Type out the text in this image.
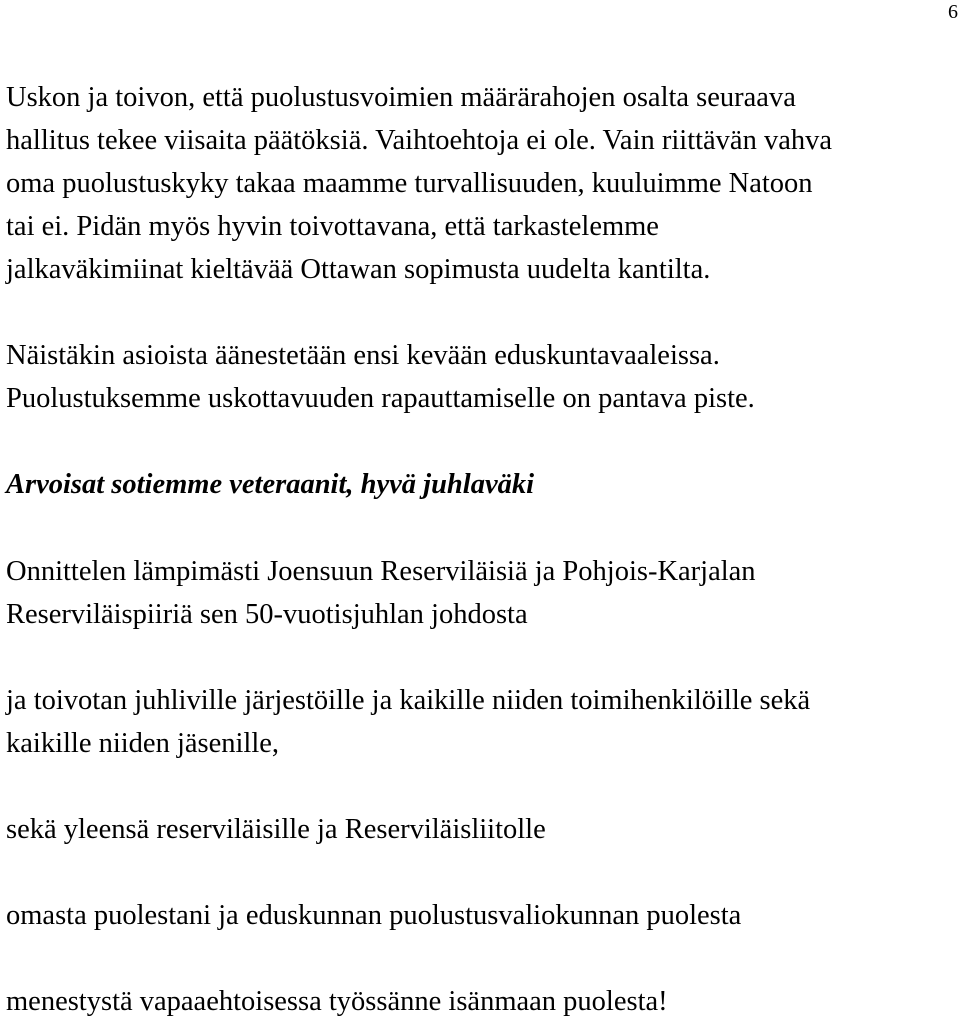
6

Uskon ja toivon, että puolustusvoimien määrärahojen osalta seuraava
hallitus tekee viisaita päätöksiä. Vaihtoehtoja ei ole. Vain riittävän vahva
oma puolustuskyky takaa maamme turvallisuuden, kuuluimme Natoon
tai ei. Pidän myös hyvin toivottavana, että tarkastelemme
jalkaväkimiinat kieltävää Ottawan sopimusta uudelta kantilta.

Näistäkin asioista äänestetään ensi kevään eduskuntavaaleissa.
Puolustuksemme uskottavuuden rapauttamiselle on pantava piste.

Arvoisat sotiemme veteraanit, hyvä juhlaväki

Onnittelen lämpimästi Joensuun Reserviläisiä ja Pohjois-Karjalan
Reserviläispiiriä sen 50-vuotisjuhlan johdosta

ja toivotan juhliville järjestöille ja kaikille niiden toimihenkilöille sekä
kaikille niiden jäsenille,

sekä yleensä reserviläisille ja Reserviläisliitolle

omasta puolestani ja eduskunnan puolustusvaliokunnan puolesta

menestystä vapaaehtoisessa työssänne isänmaan puolesta!
